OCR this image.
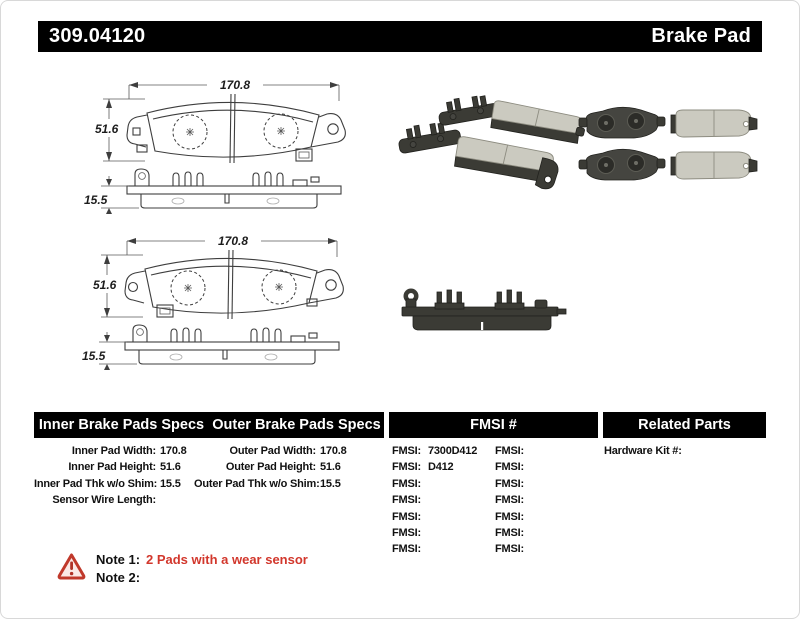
309.04120	Brake Pad
170.8
51.6
15.5
170.8
51.6
15.5
Inner Brake Pads Specs Outer Brake Pads Specs	FMSI #	Related Parts
Inner Pad Width: 170.8
Inner Pad Height: 51.6
Inner Pad Thk w/o Shim: 15.5
Sensor Wire Length:
Outer Pad Width: 170.8
Outer Pad Height: 51.6
Outer Pad Thk w/o Shim: 15.5
FMSI: 7300D412
FMSI: D412
FMSI:
FMSI:
FMSI:
FMSI:
FMSI:
FMSI:
FMSI:
FMSI:
FMSI:
FMSI:
FMSI:
FMSI:
Hardware Kit #:
Note 1: 2 Pads with a wear sensor
Note 2:
